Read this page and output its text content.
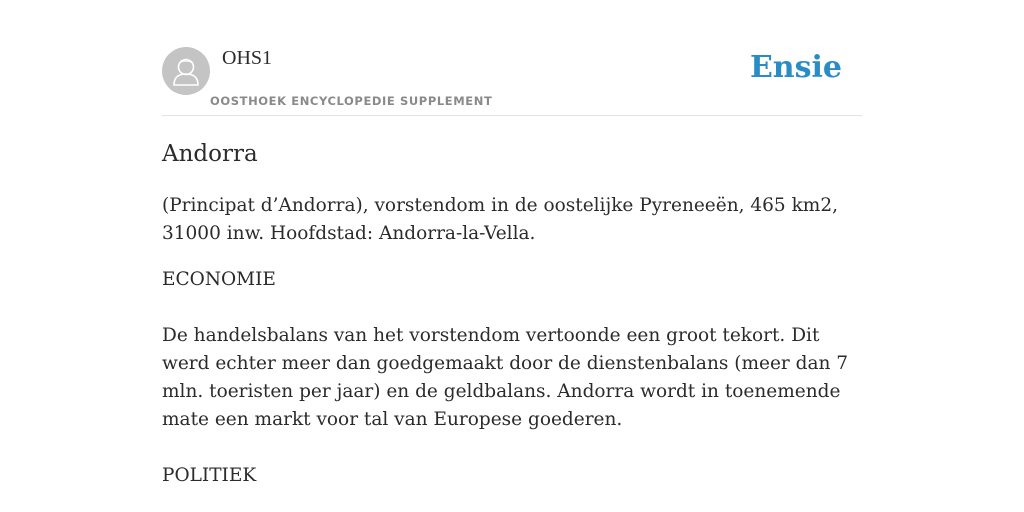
OHS1
OOSTHOEK ENCYCLOPEDIE SUPPLEMENT
Ensie
Andorra

(Principat d’Andorra), vorstendom in de oostelijke Pyreneeën, 465 km2, 31000 inw. Hoofdstad: Andorra-la-Vella.

ECONOMIE

De handelsbalans van het vorstendom vertoonde een groot tekort. Dit werd echter meer dan goedgemaakt door de dienstenbalans (meer dan 7 mln. toeristen per jaar) en de geldbalans. Andorra wordt in toenemende mate een markt voor tal van Europese goederen.

POLITIEK
